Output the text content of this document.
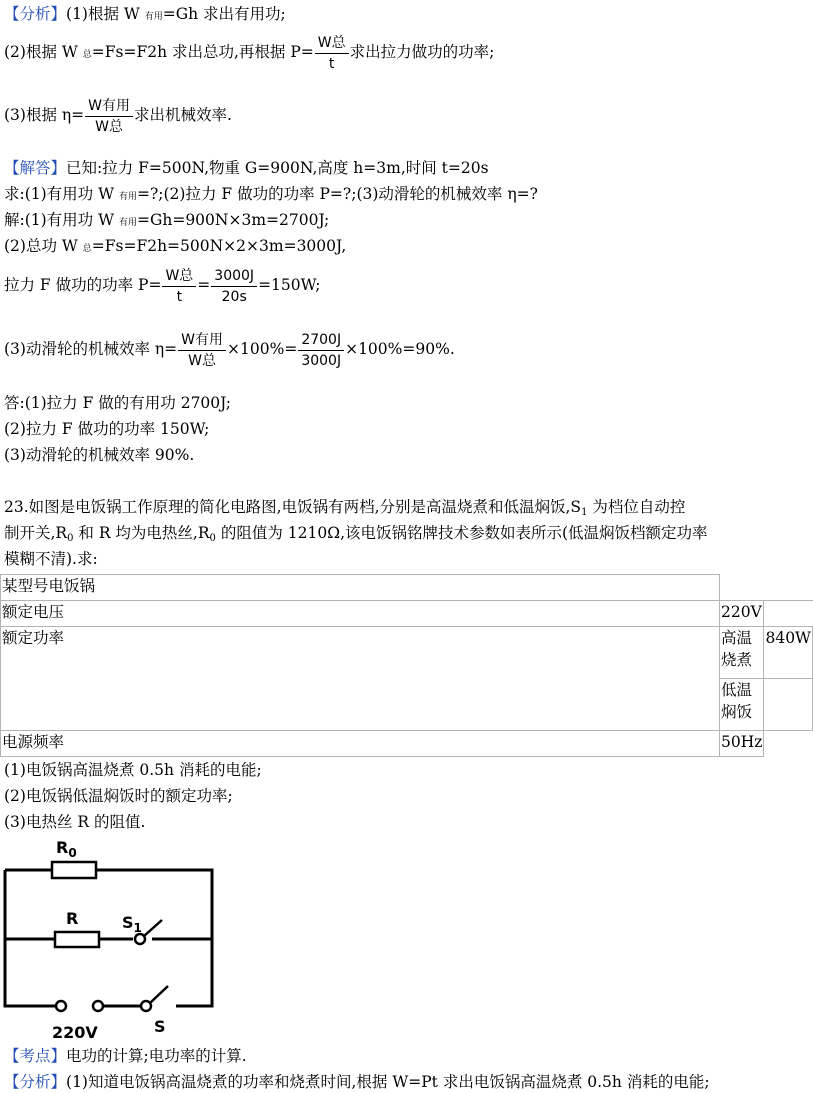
【分析】(1)根据 W 有用=Gh 求出有用功;
(2)根据 W 总=Fs=F2h 求出总功,再根据 $P= \frac{\text{W总}}{t}$ 求出拉力做功的功率;
(3)根据 $\eta= \frac{\text{W有用}}{\text{W总}}$ 求出机械效率.
【解答】已知:拉力 F=500N,物重 G=900N,高度 h=3m,时间 t=20s
求:(1)有用功 W 有用=?;(2)拉力 F 做功的功率 P=?;(3)动滑轮的机械效率 η=?
解:(1)有用功 W 有用=Gh=900N×3m=2700J;
(2)总功 W 总=Fs=F2h=500N×2×3m=3000J,
拉力 F 做功的功率 $P= \frac{\text{W总}}{t} = \frac{3000J}{20s} =150W$;
(3)动滑轮的机械效率 $\eta= \frac{\text{W有用}}{\text{W总}} \times 100\%= \frac{2700J}{3000J} \times 100\%=90\%$.
答:(1)拉力 F 做的有用功 2700J;
(2)拉力 F 做功的功率 150W;
(3)动滑轮的机械效率 90%.
23.如图是电饭锅工作原理的简化电路图,电饭锅有两档,分别是高温烧煮和低温焖饭$,S_1$ 为档位自动控
制开关$,R_0$ 和 R 均为电热丝$,R_0$ 的阻值为 1210Ω,该电饭锅铭牌技术参数如表所示(低温焖饭档额定功率
模糊不清).求:
某型号电饭锅		
额定电压	220V	
额定功率	高温烧煮	840W
	低温焖饭	
电源频率	50Hz	
(1)电饭锅高温烧煮 0.5h 消耗的电能;
(2)电饭锅低温焖饭时的额定功率;
(3)电热丝 R 的阻值.
$R_0$
R	$S_1$
220V	S
【考点】电功的计算;电功率的计算.
【分析】(1)知道电饭锅高温烧煮的功率和烧煮时间,根据 W=Pt 求出电饭锅高温烧煮 0.5h 消耗的电能;
